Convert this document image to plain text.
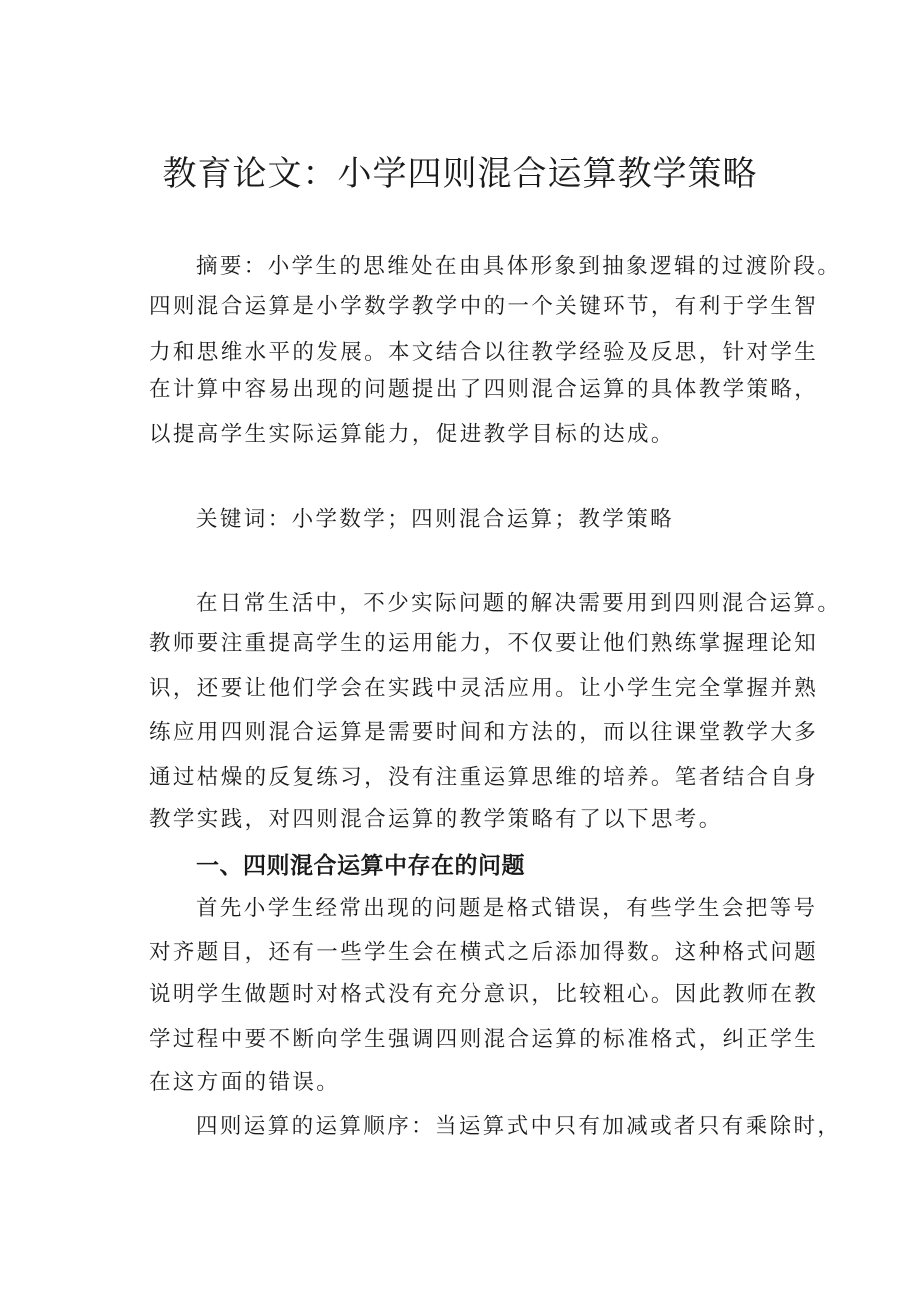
教育论文：小学四则混合运算教学策略
摘要：小学生的思维处在由具体形象到抽象逻辑的过渡阶段。
四则混合运算是小学数学教学中的一个关键环节，有利于学生智
力和思维水平的发展。本文结合以往教学经验及反思，针对学生
在计算中容易出现的问题提出了四则混合运算的具体教学策略，
以提高学生实际运算能力，促进教学目标的达成。
关键词：小学数学；四则混合运算；教学策略
在日常生活中，不少实际问题的解决需要用到四则混合运算。
教师要注重提高学生的运用能力，不仅要让他们熟练掌握理论知
识，还要让他们学会在实践中灵活应用。让小学生完全掌握并熟
练应用四则混合运算是需要时间和方法的，而以往课堂教学大多
通过枯燥的反复练习，没有注重运算思维的培养。笔者结合自身
教学实践，对四则混合运算的教学策略有了以下思考。
一、四则混合运算中存在的问题
首先小学生经常出现的问题是格式错误，有些学生会把等号
对齐题目，还有一些学生会在横式之后添加得数。这种格式问题
说明学生做题时对格式没有充分意识，比较粗心。因此教师在教
学过程中要不断向学生强调四则混合运算的标准格式，纠正学生
在这方面的错误。
四则运算的运算顺序：当运算式中只有加减或者只有乘除时，
